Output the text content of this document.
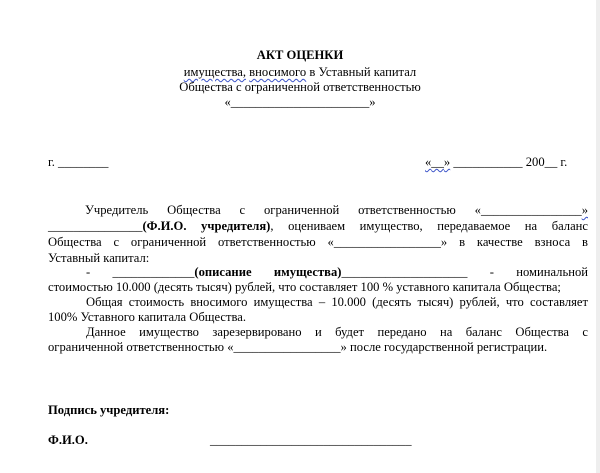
АКТ ОЦЕНКИ
имущества, вносимого в Уставный капитал
Общества с ограниченной ответственностью
«______________________»
г. ________	«__» ___________ 200__ г.
Учредитель Общества с ограниченной ответственностью «________________»
_______________(Ф.И.О. учредителя), оцениваем имущество, передаваемое на баланс
Общества с ограниченной ответственностью «_________________» в качестве взноса в
Уставный капитал:
- _____________(описание имущества)____________________ - номинальной
стоимостью 10.000 (десять тысяч) рублей, что составляет 100 % уставного капитала Общества;
Общая стоимость вносимого имущества – 10.000 (десять тысяч) рублей, что составляет
100% Уставного капитала Общества.
Данное имущество зарезервировано и будет передано на баланс Общества с
ограниченной ответственностью «_________________» после государственной регистрации.
Подпись учредителя:
Ф.И.О.	________________________________
